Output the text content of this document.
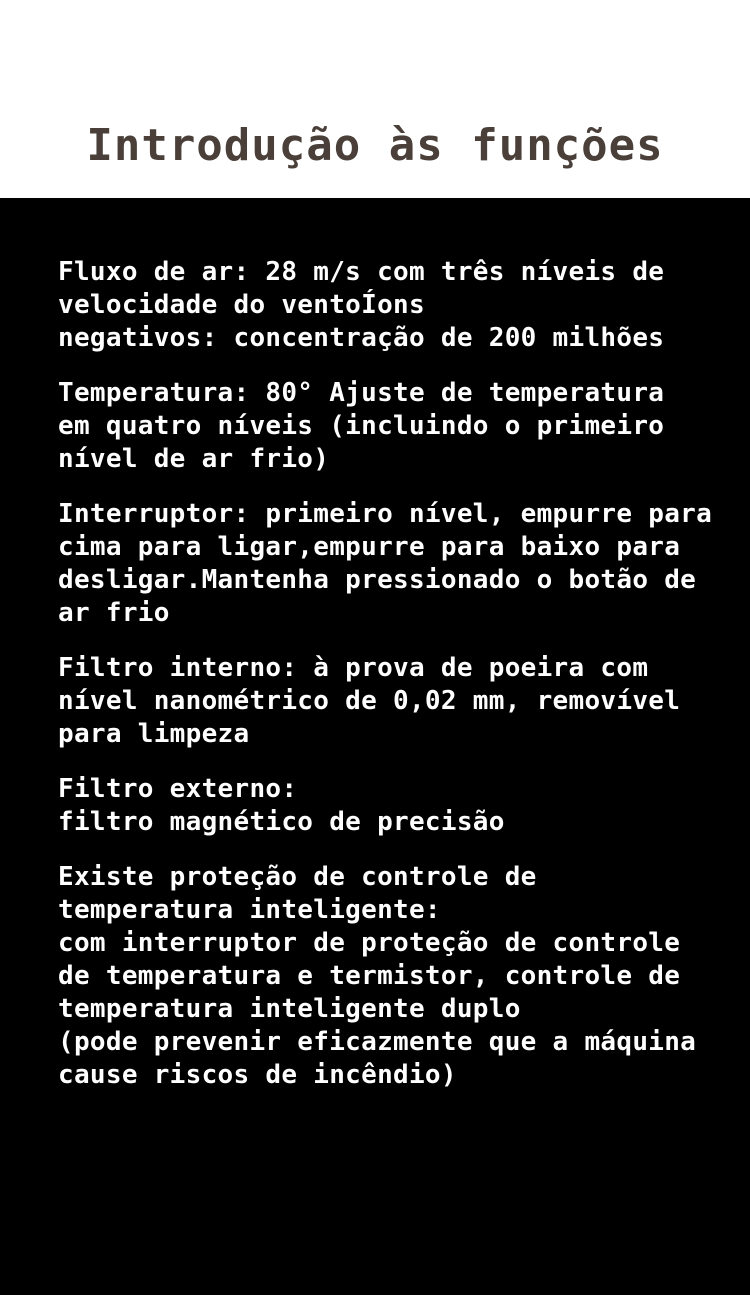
Introdução às funções

Fluxo de ar: 28 m/s com três níveis de
velocidade do ventoÍons
negativos: concentração de 200 milhões

Temperatura: 80° Ajuste de temperatura
em quatro níveis (incluindo o primeiro
nível de ar frio)

Interruptor: primeiro nível, empurre para
cima para ligar,empurre para baixo para
desligar.Mantenha pressionado o botão de
ar frio

Filtro interno: à prova de poeira com
nível nanométrico de 0,02 mm, removível
para limpeza

Filtro externo:
filtro magnético de precisão

Existe proteção de controle de
temperatura inteligente:
com interruptor de proteção de controle
de temperatura e termistor, controle de
temperatura inteligente duplo
(pode prevenir eficazmente que a máquina
cause riscos de incêndio)
